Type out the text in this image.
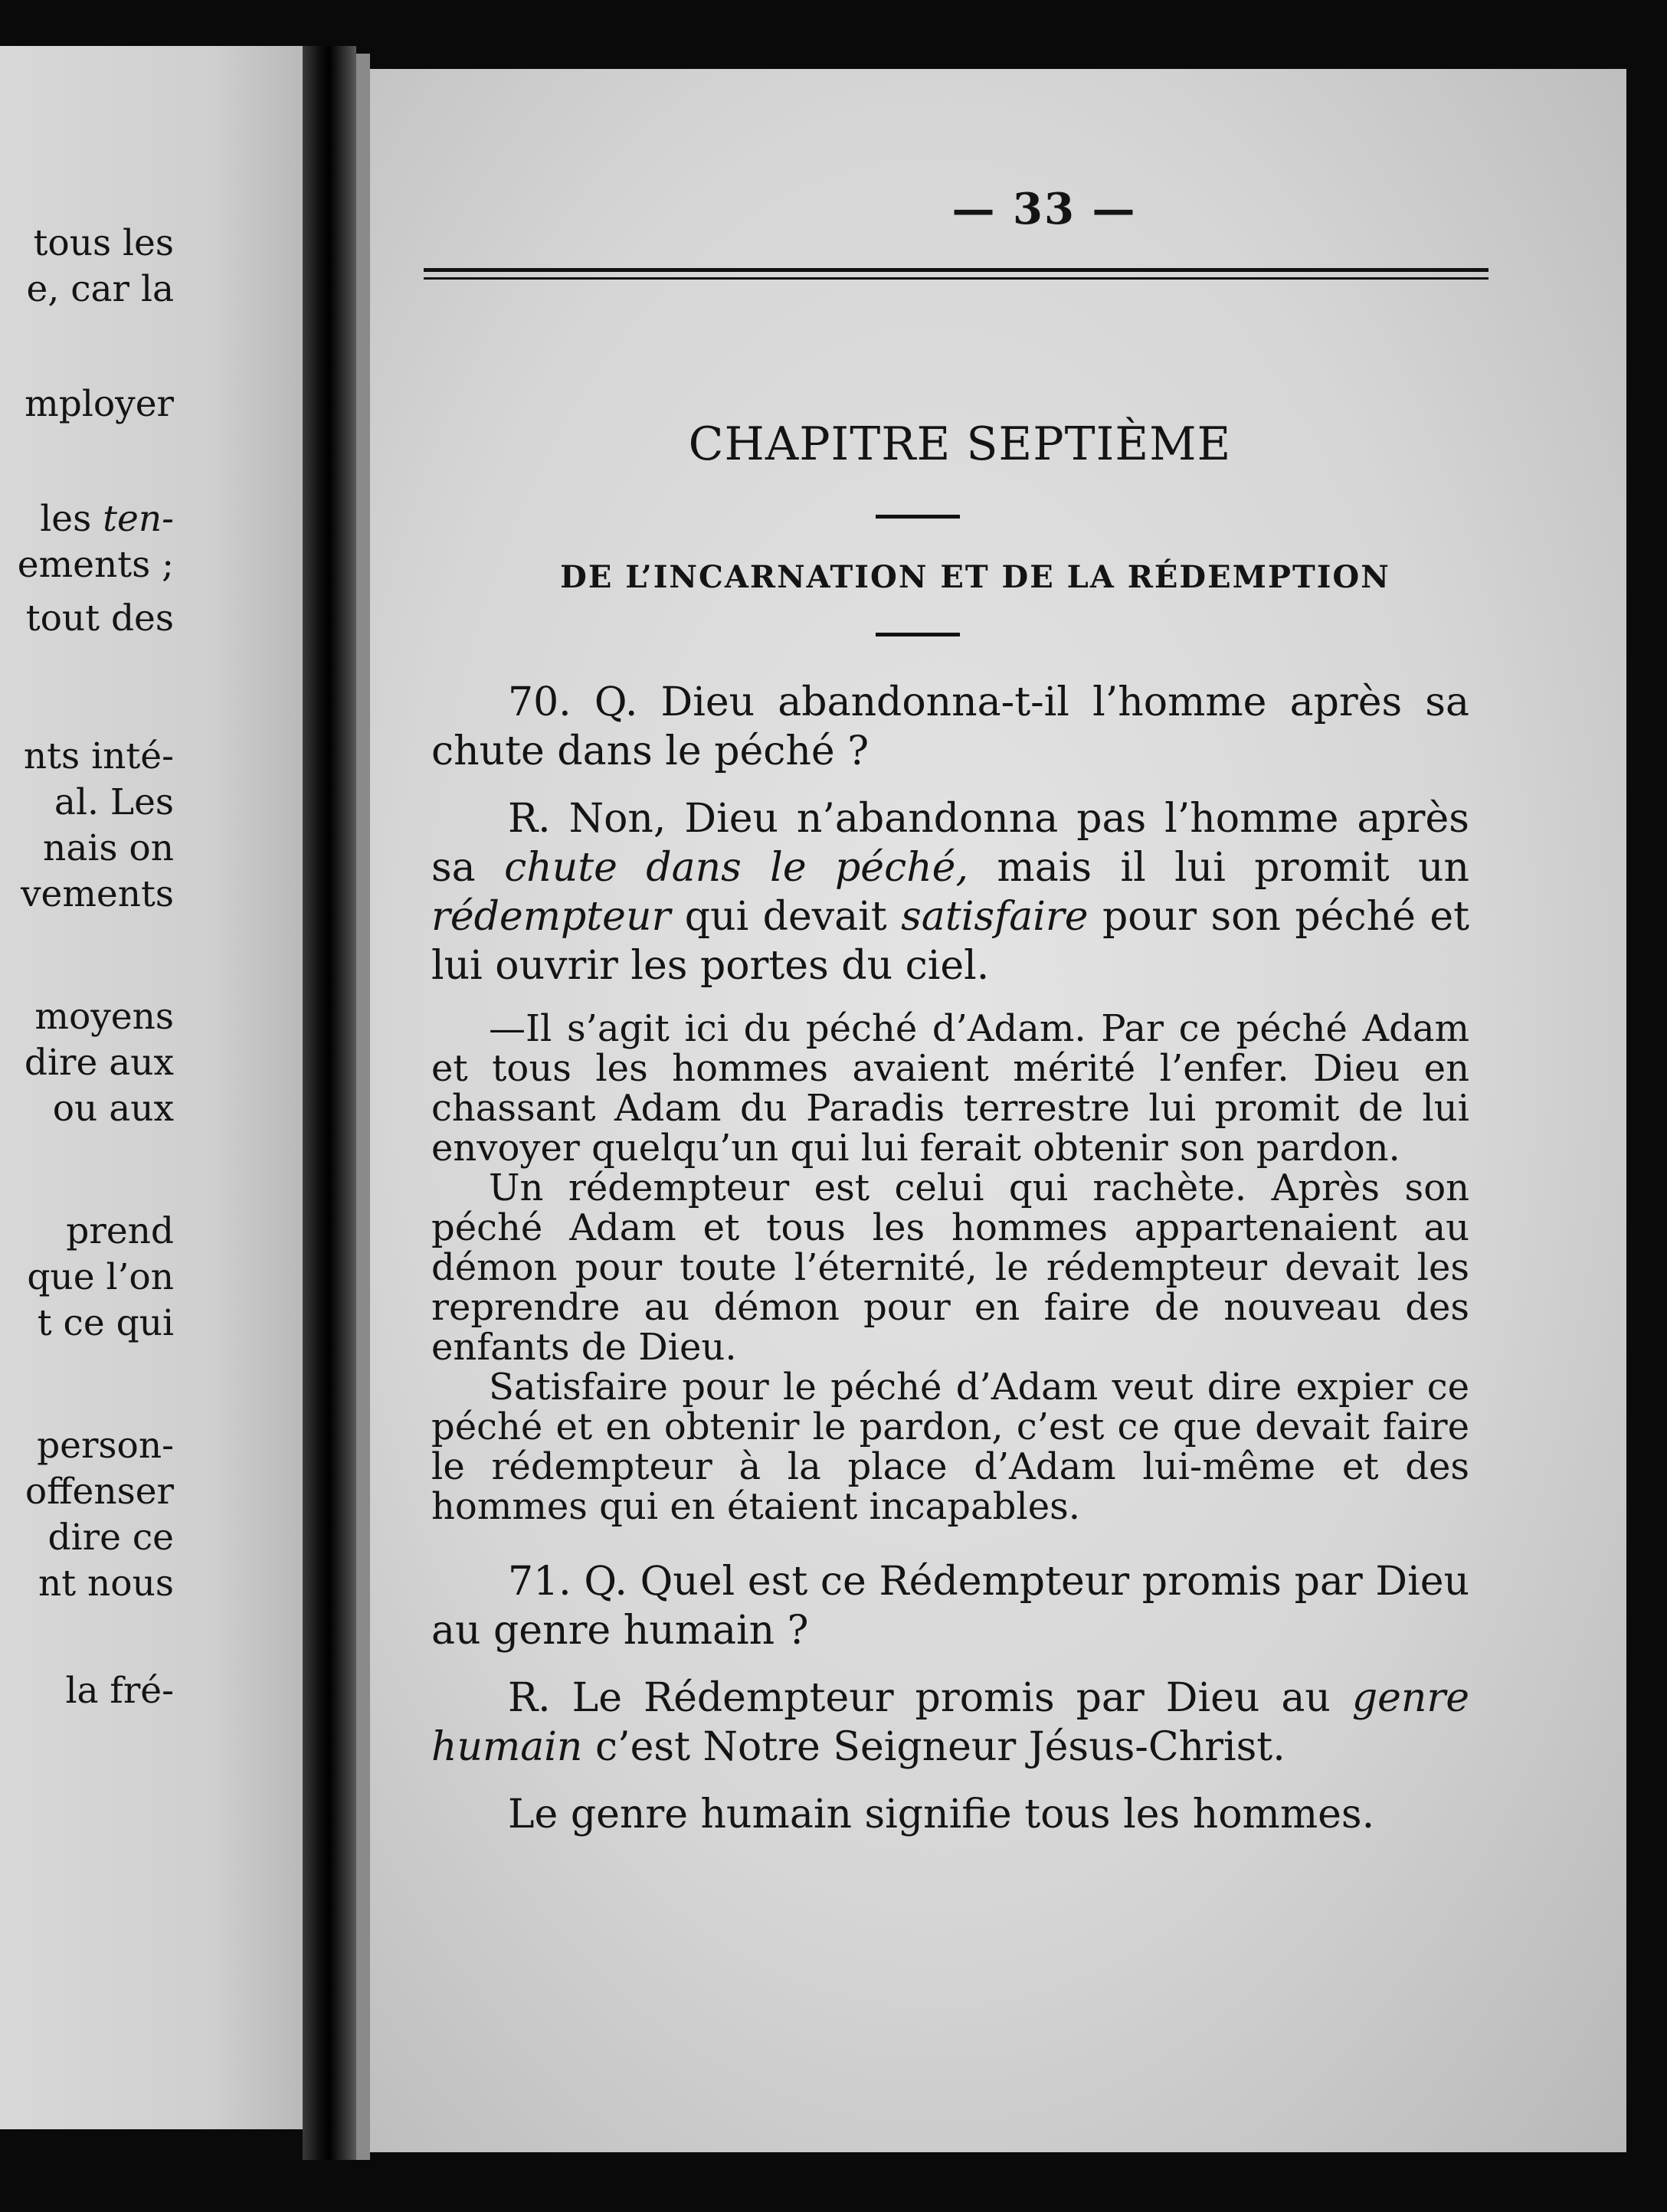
tous les
e, car la
mployer
les ten-
ements ;
tout des
nts inté-
al. Les
nais on
vements
moyens
dire aux
ou aux
prend
que l’on
t ce qui
person-
offenser
dire ce
nt nous
la fré-
— 33 —
CHAPITRE SEPTIÈME
DE L’INCARNATION ET DE LA RÉDEMPTION

70. Q. Dieu abandonna-t-il l’homme après sa chute dans le péché ?

R. Non, Dieu n’abandonna pas l’homme après sa chute dans le péché, mais il lui promit un rédempteur qui devait satisfaire pour son péché et lui ouvrir les portes du ciel.

—Il s’agit ici du péché d’Adam. Par ce péché Adam et tous les hommes avaient mérité l’enfer. Dieu en chassant Adam du Paradis terrestre lui promit de lui envoyer quelqu’un qui lui ferait obtenir son pardon.

Un rédempteur est celui qui rachète. Après son péché Adam et tous les hommes appartenaient au démon pour toute l’éternité, le rédempteur devait les reprendre au démon pour en faire de nouveau des enfants de Dieu.

Satisfaire pour le péché d’Adam veut dire expier ce péché et en obtenir le pardon, c’est ce que devait faire le rédempteur à la place d’Adam lui-même et des hommes qui en étaient incapables.

71. Q. Quel est ce Rédempteur promis par Dieu au genre humain ?

R. Le Rédempteur promis par Dieu au genre humain c’est Notre Seigneur Jésus-Christ.

Le genre humain signifie tous les hommes.
